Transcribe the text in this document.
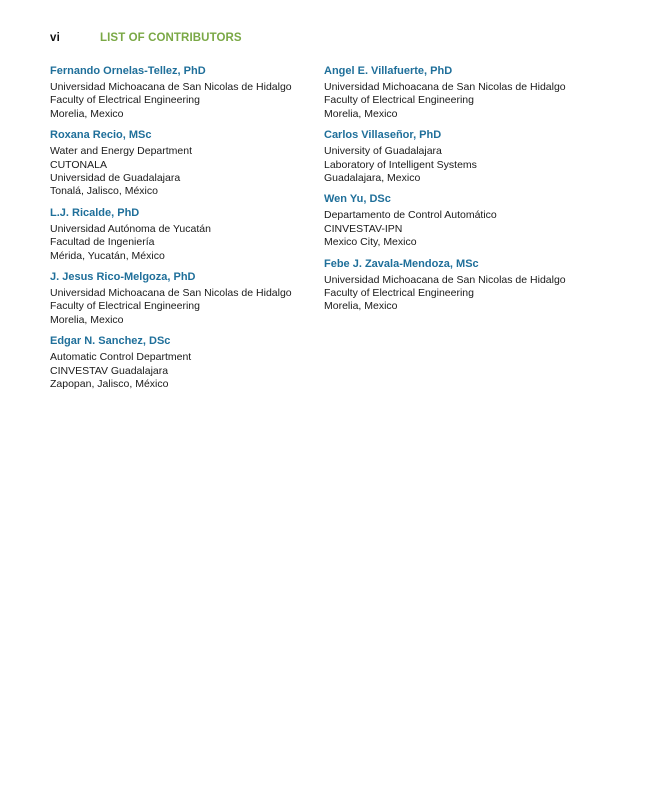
vi	LIST OF CONTRIBUTORS
Fernando Ornelas-Tellez, PhD
Universidad Michoacana de San Nicolas de Hidalgo
Faculty of Electrical Engineering
Morelia, Mexico
Roxana Recio, MSc
Water and Energy Department
CUTONALA
Universidad de Guadalajara
Tonalá, Jalisco, México
L.J. Ricalde, PhD
Universidad Autónoma de Yucatán
Facultad de Ingeniería
Mérida, Yucatán, México
J. Jesus Rico-Melgoza, PhD
Universidad Michoacana de San Nicolas de Hidalgo
Faculty of Electrical Engineering
Morelia, Mexico
Edgar N. Sanchez, DSc
Automatic Control Department
CINVESTAV Guadalajara
Zapopan, Jalisco, México
Angel E. Villafuerte, PhD
Universidad Michoacana de San Nicolas de Hidalgo
Faculty of Electrical Engineering
Morelia, Mexico
Carlos Villaseñor, PhD
University of Guadalajara
Laboratory of Intelligent Systems
Guadalajara, Mexico
Wen Yu, DSc
Departamento de Control Automático
CINVESTAV-IPN
Mexico City, Mexico
Febe J. Zavala-Mendoza, MSc
Universidad Michoacana de San Nicolas de Hidalgo
Faculty of Electrical Engineering
Morelia, Mexico
